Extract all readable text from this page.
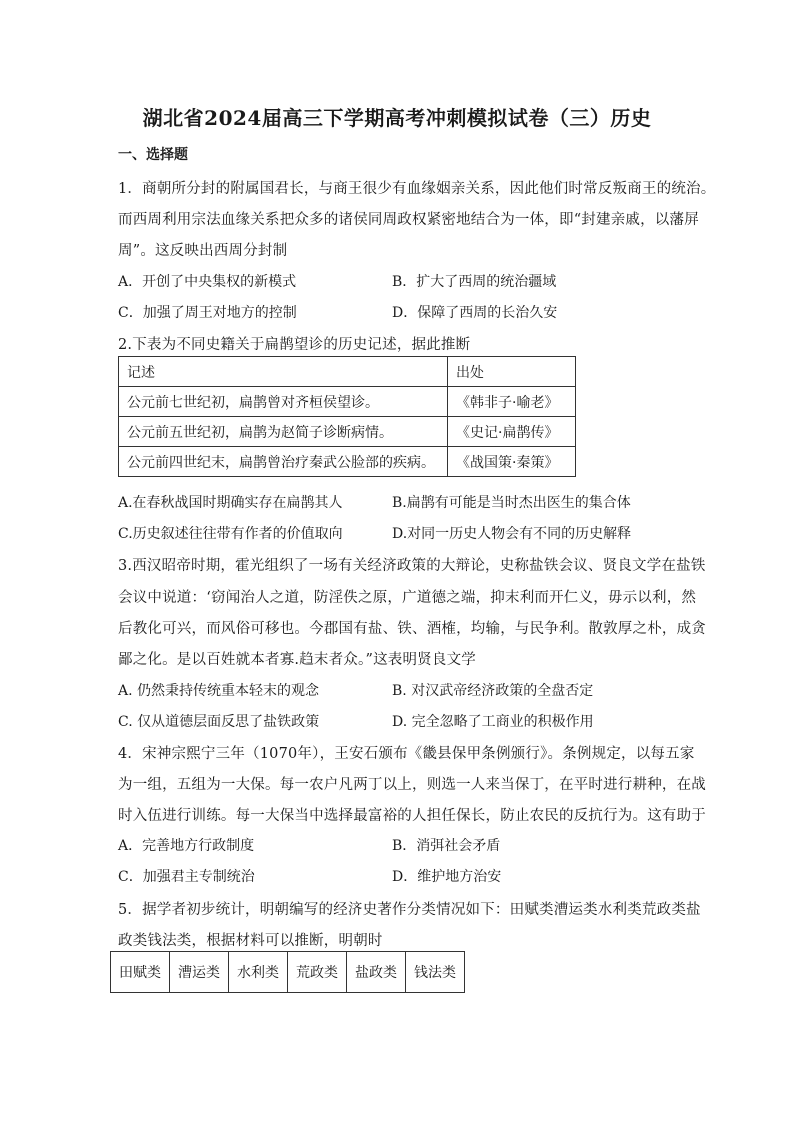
湖北省2024届高三下学期高考冲刺模拟试卷（三）历史
一、选择题
1．商朝所分封的附属国君长，与商王很少有血缘姻亲关系，因此他们时常反叛商王的统治。
而西周利用宗法血缘关系把众多的诸侯同周政权紧密地结合为一体，即“封建亲戚，以藩屏
周”。这反映出西周分封制
A．开创了中央集权的新模式	B．扩大了西周的统治疆域
C．加强了周王对地方的控制	D．保障了西周的长治久安
2.下表为不同史籍关于扁鹊望诊的历史记述，据此推断
记述	出处
公元前七世纪初，扁鹊曾对齐桓侯望诊。	《韩非子·喻老》
公元前五世纪初，扁鹊为赵简子诊断病情。	《史记·扁鹊传》
公元前四世纪末，扁鹊曾治疗秦武公脸部的疾病。	《战国策·秦策》
A.在春秋战国时期确实存在扁鹊其人	B.扁鹊有可能是当时杰出医生的集合体
C.历史叙述往往带有作者的价值取向	D.对同一历史人物会有不同的历史解释
3.西汉昭帝时期，霍光组织了一场有关经济政策的大辩论，史称盐铁会议、贤良文学在盐铁
会议中说道：‘窃闻治人之道，防淫佚之原，广道德之端，抑末利而开仁义，毋示以利，然
后教化可兴，而风俗可移也。今郡国有盐、铁、酒榷，均输，与民争利。散敦厚之朴，成贪
鄙之化。是以百姓就本者寡.趋末者众。”这表明贤良文学
A. 仍然秉持传统重本轻末的观念	B. 对汉武帝经济政策的全盘否定
C. 仅从道德层面反思了盐铁政策	D. 完全忽略了工商业的积极作用
4．宋神宗熙宁三年（1070年），王安石颁布《畿县保甲条例颁行》。条例规定，以每五家
为一组，五组为一大保。每一农户凡两丁以上，则选一人来当保丁，在平时进行耕种，在战
时入伍进行训练。每一大保当中选择最富裕的人担任保长，防止农民的反抗行为。这有助于
A．完善地方行政制度	B．消弭社会矛盾
C．加强君主专制统治	D．维护地方治安
5．据学者初步统计，明朝编写的经济史著作分类情况如下：田赋类漕运类水利类荒政类盐
政类钱法类，根据材料可以推断，明朝时
田赋类	漕运类	水利类	荒政类	盐政类	钱法类
